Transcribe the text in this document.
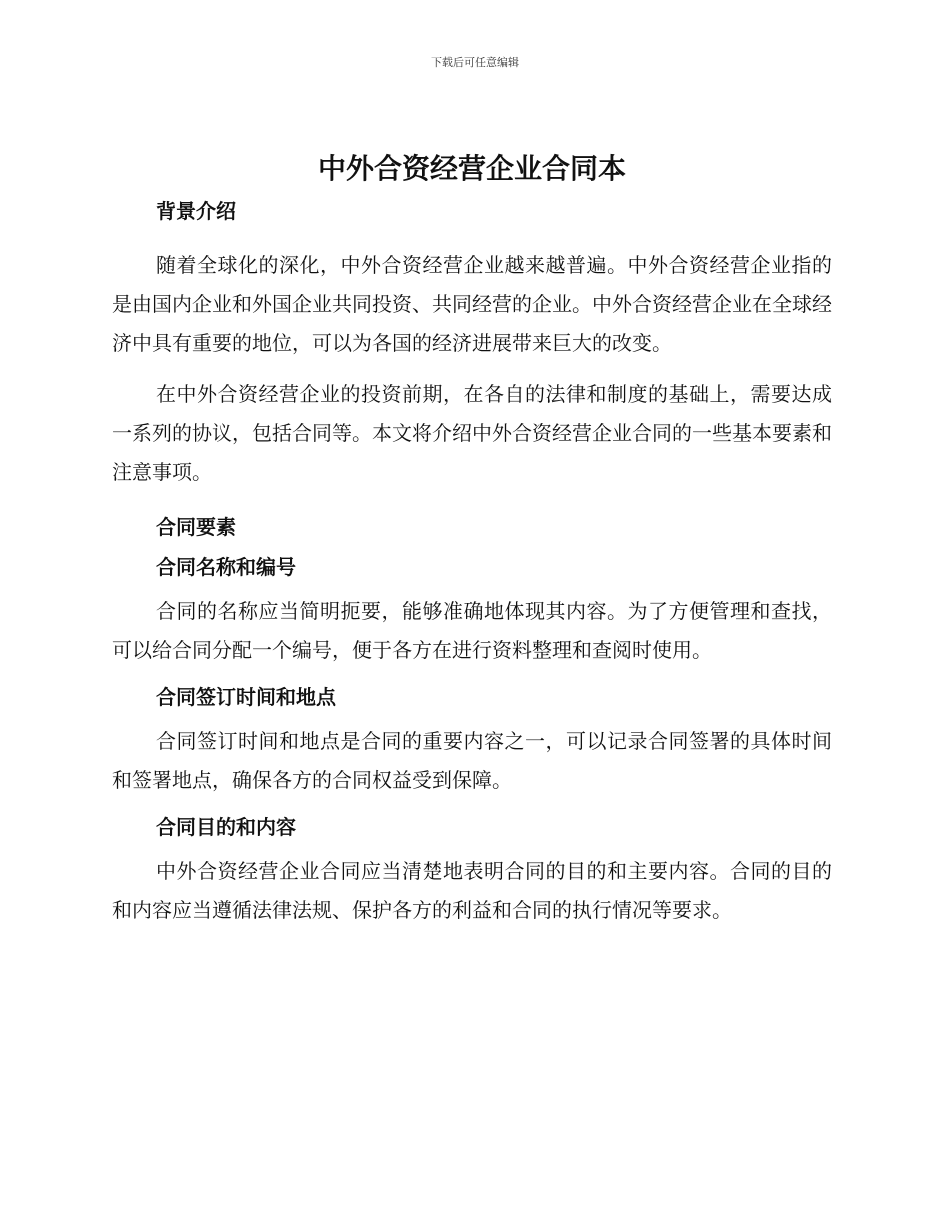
下载后可任意编辑
中外合资经营企业合同本
背景介绍

随着全球化的深化，中外合资经营企业越来越普遍。中外合资经营企业指的是由国内企业和外国企业共同投资、共同经营的企业。中外合资经营企业在全球经济中具有重要的地位，可以为各国的经济进展带来巨大的改变。

在中外合资经营企业的投资前期，在各自的法律和制度的基础上，需要达成一系列的协议，包括合同等。本文将介绍中外合资经营企业合同的一些基本要素和注意事项。

合同要素
合同名称和编号

合同的名称应当简明扼要，能够准确地体现其内容。为了方便管理和查找，可以给合同分配一个编号，便于各方在进行资料整理和查阅时使用。

合同签订时间和地点

合同签订时间和地点是合同的重要内容之一，可以记录合同签署的具体时间和签署地点，确保各方的合同权益受到保障。

合同目的和内容

中外合资经营企业合同应当清楚地表明合同的目的和主要内容。合同的目的和内容应当遵循法律法规、保护各方的利益和合同的执行情况等要求。
